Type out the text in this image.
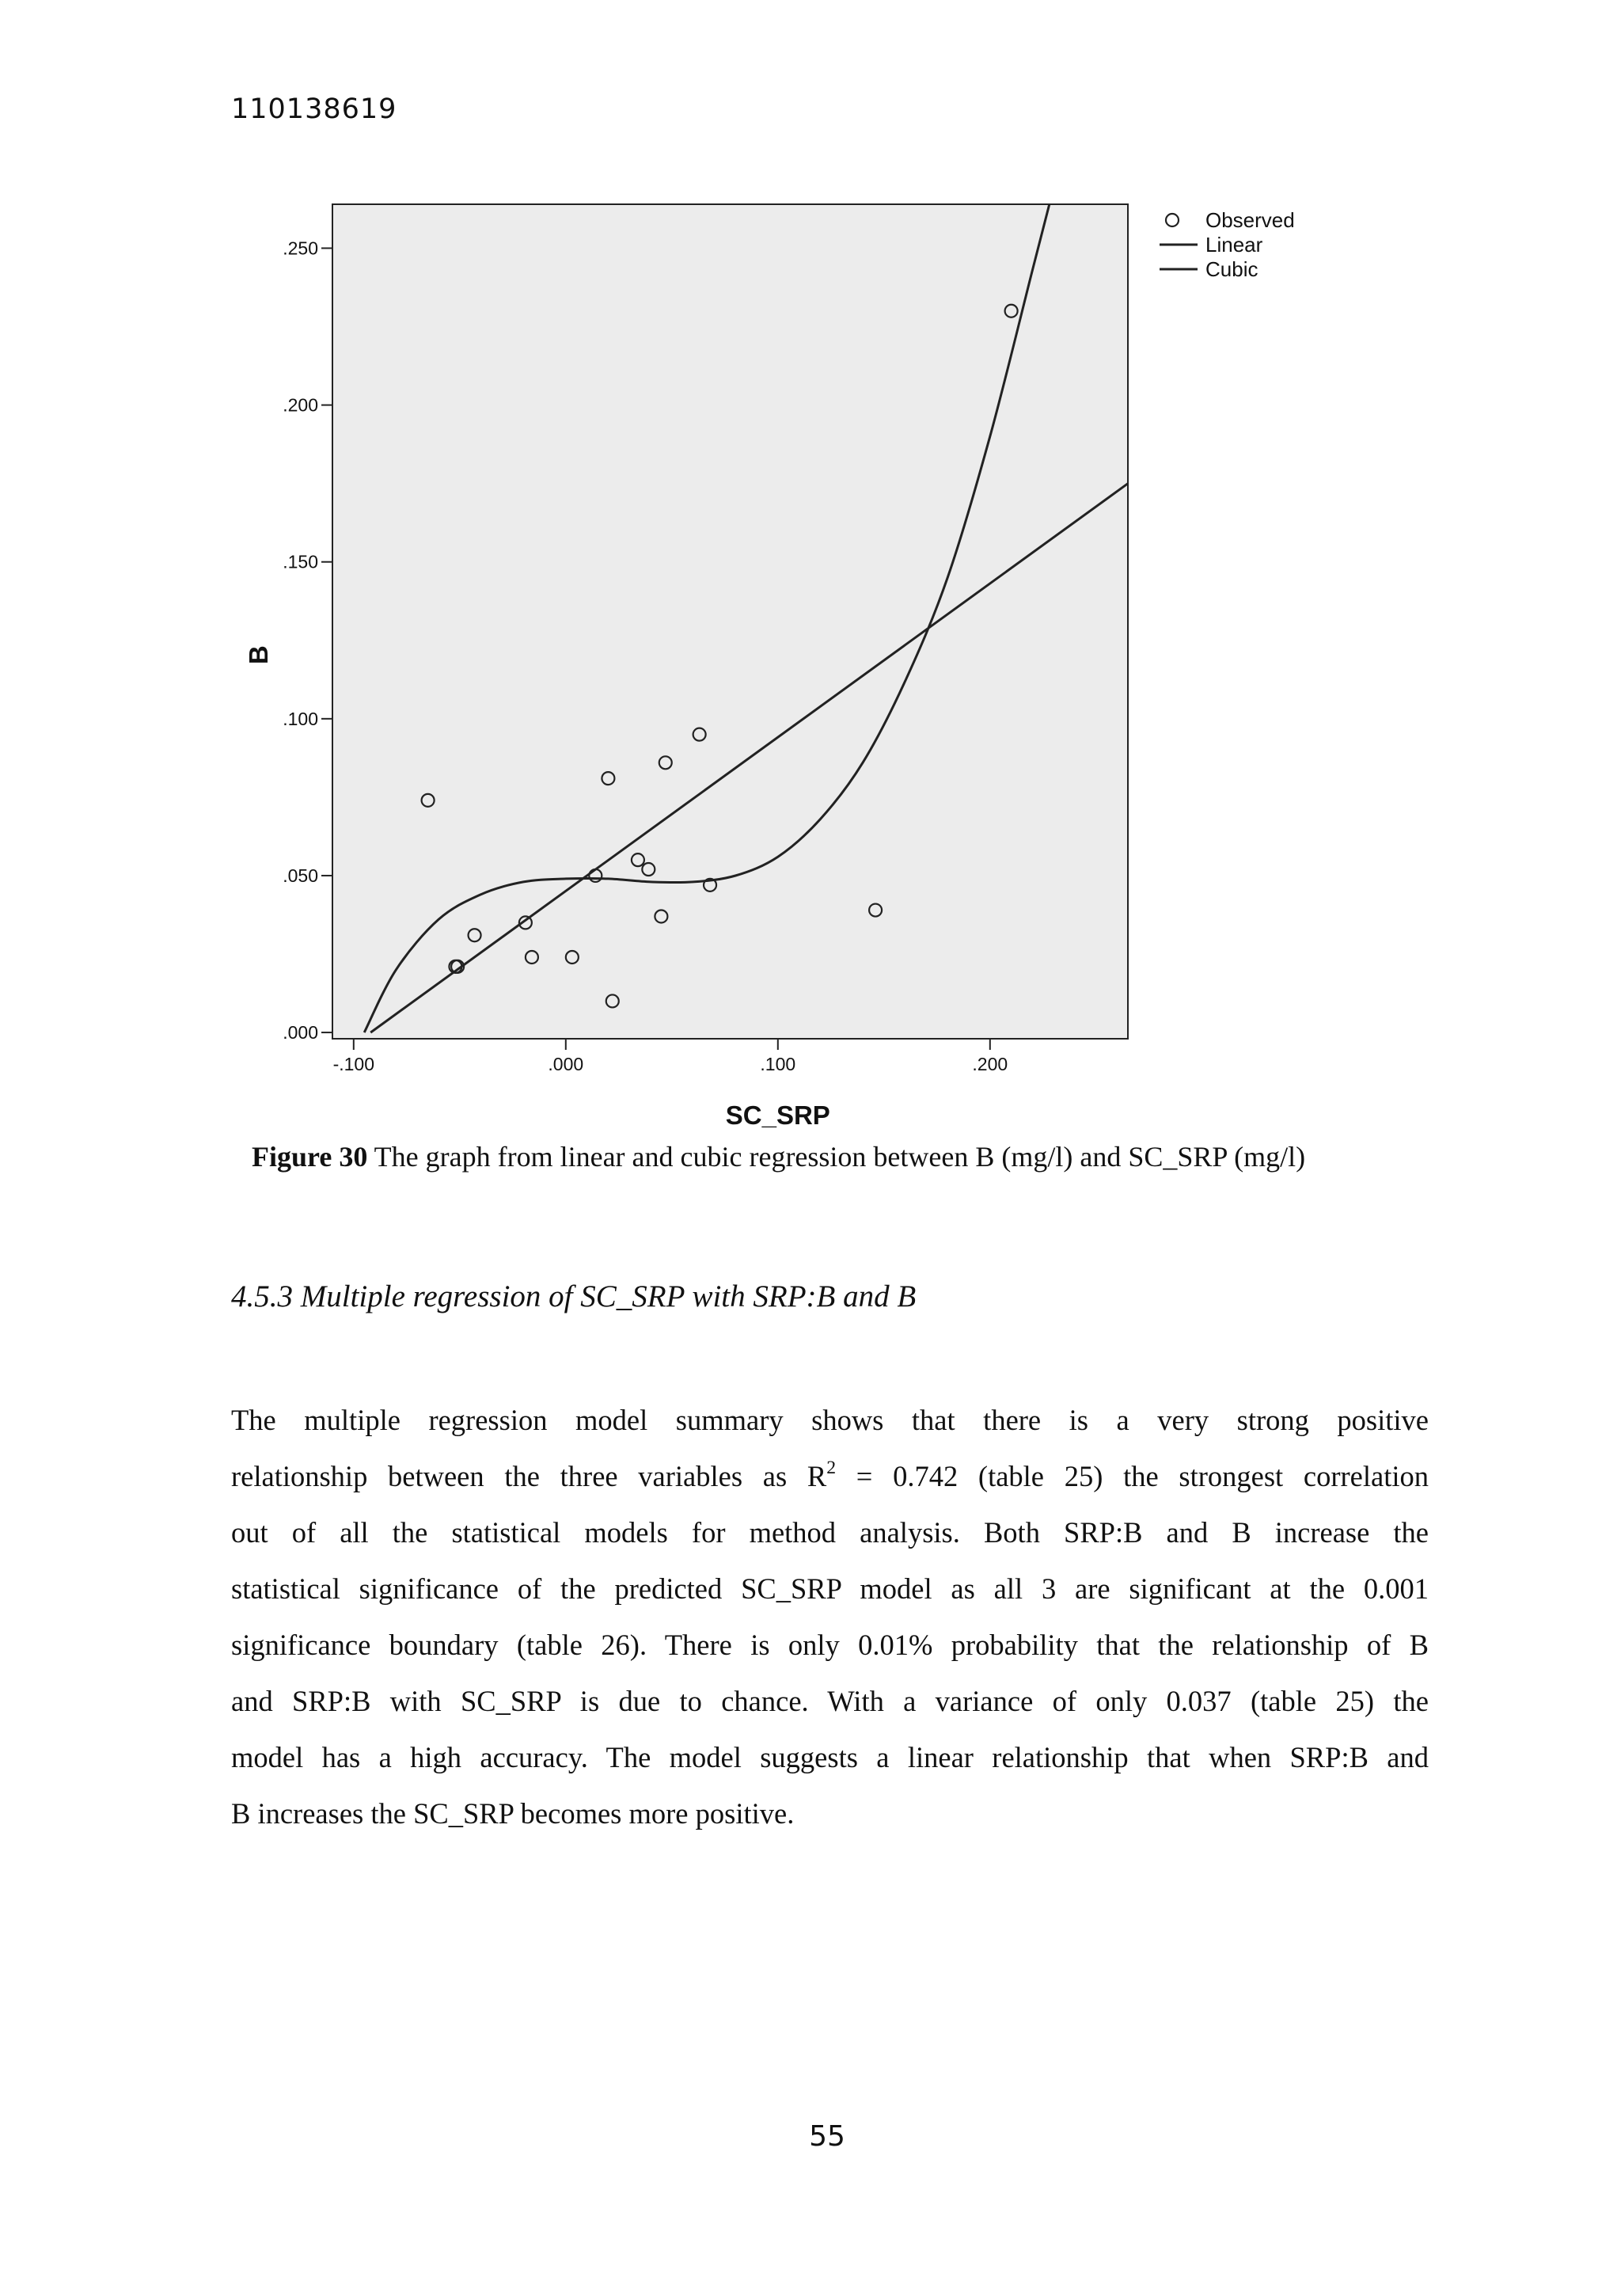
110138619
.000
.050
.100
.150
.200
.250
-.100	.000	.100	.200
B
SC_SRP
Observed
Linear
Cubic
Figure 30 The graph from linear and cubic regression between B (mg/l) and SC_SRP (mg/l)
4.5.3 Multiple regression of SC_SRP with SRP:B and B
The multiple regression model summary shows that there is a very strong positive
relationship between the three variables as $R^2 = 0.742$ (table 25) the strongest correlation
out of all the statistical models for method analysis. Both SRP:B and B increase the
statistical significance of the predicted SC_SRP model as all 3 are significant at the 0.001
significance boundary (table 26). There is only 0.01% probability that the relationship of B
and SRP:B with SC_SRP is due to chance. With a variance of only 0.037 (table 25) the
model has a high accuracy. The model suggests a linear relationship that when SRP:B and
B increases the SC_SRP becomes more positive.
55
